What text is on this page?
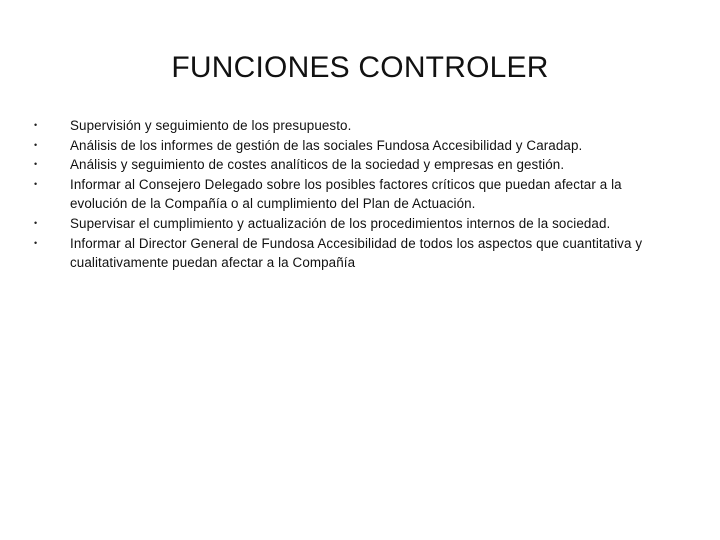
FUNCIONES CONTROLER
• Supervisión y seguimiento de los presupuesto.
• Análisis de los informes de gestión de las sociales Fundosa Accesibilidad y Caradap.
• Análisis y seguimiento de costes analíticos de la sociedad y empresas en gestión.
• Informar al Consejero Delegado sobre los posibles factores críticos que puedan afectar a la evolución de la Compañía o al cumplimiento del Plan de Actuación.
• Supervisar el cumplimiento y actualización de los procedimientos internos de la sociedad.
• Informar al Director General de Fundosa Accesibilidad de todos los aspectos que cuantitativa y cualitativamente puedan afectar a la Compañía
